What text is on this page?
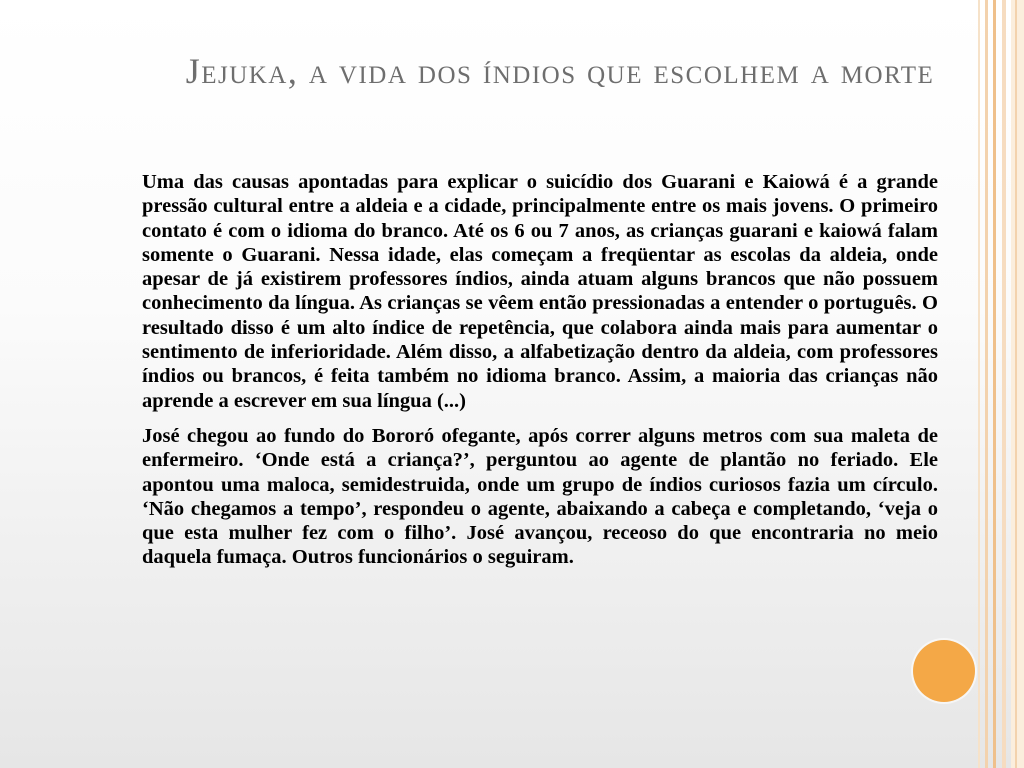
Jejuka, a vida dos índios que escolhem a morte

Uma das causas apontadas para explicar o suicídio dos Guarani e Kaiowá é a grande pressão cultural entre a aldeia e a cidade, principalmente entre os mais jovens. O primeiro contato é com o idioma do branco. Até os 6 ou 7 anos, as crianças guarani e kaiowá falam somente o Guarani. Nessa idade, elas começam a freqüentar as escolas da aldeia, onde apesar de já existirem professores índios, ainda atuam alguns brancos que não possuem conhecimento da língua. As crianças se vêem então pressionadas a entender o português. O resultado disso é um alto índice de repetência, que colabora ainda mais para aumentar o sentimento de inferioridade. Além disso, a alfabetização dentro da aldeia, com professores índios ou brancos, é feita também no idioma branco. Assim, a maioria das crianças não aprende a escrever em sua língua (...)

José chegou ao fundo do Bororó ofegante, após correr alguns metros com sua maleta de enfermeiro. ‘Onde está a criança?’, perguntou ao agente de plantão no feriado. Ele apontou uma maloca, semidestruida, onde um grupo de índios curiosos fazia um círculo. ‘Não chegamos a tempo’, respondeu o agente, abaixando a cabeça e completando, ‘veja o que esta mulher fez com o filho’. José avançou, receoso do que encontraria no meio daquela fumaça. Outros funcionários o seguiram.
